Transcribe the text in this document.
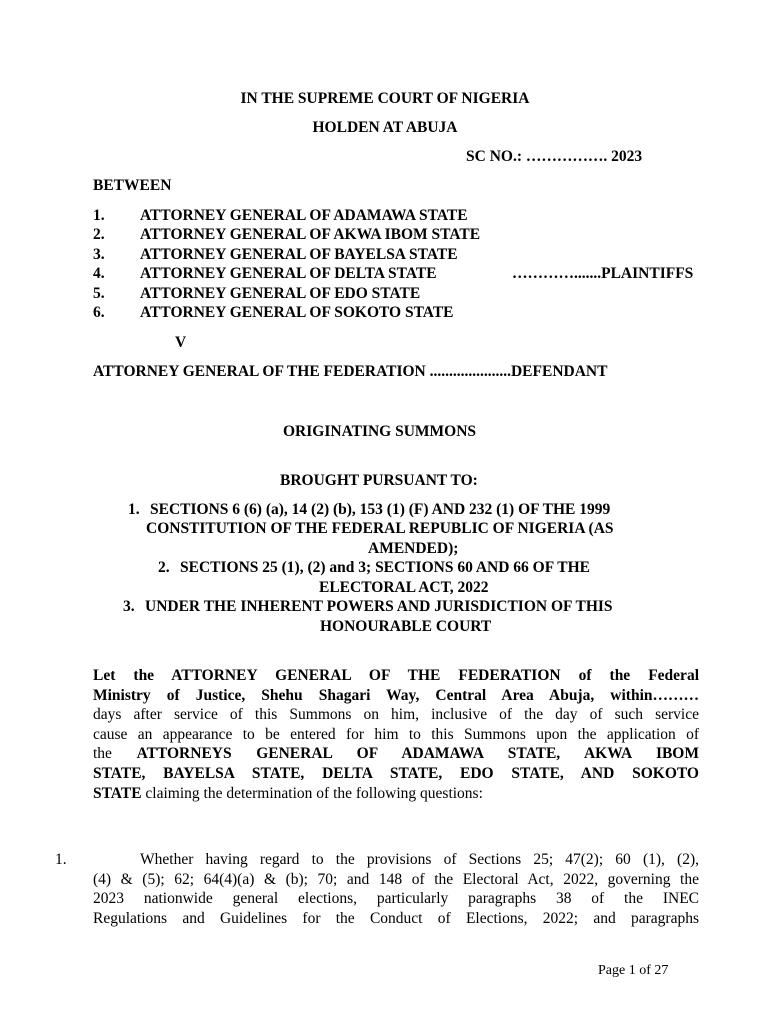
IN THE SUPREME COURT OF NIGERIA
HOLDEN AT ABUJA
SC NO.: ……………. 2023
BETWEEN
1. ATTORNEY GENERAL OF ADAMAWA STATE
2. ATTORNEY GENERAL OF AKWA IBOM STATE
3. ATTORNEY GENERAL OF BAYELSA STATE
4. ATTORNEY GENERAL OF DELTA STATE
5. ATTORNEY GENERAL OF EDO STATE
6. ATTORNEY GENERAL OF SOKOTO STATE
………….......PLAINTIFFS
V
ATTORNEY GENERAL OF THE FEDERATION .....................DEFENDANT
ORIGINATING SUMMONS
BROUGHT PURSUANT TO:
1. SECTIONS 6 (6) (a), 14 (2) (b), 153 (1) (F) AND 232 (1) OF THE 1999
CONSTITUTION OF THE FEDERAL REPUBLIC OF NIGERIA (AS
AMENDED);
2. SECTIONS 25 (1), (2) and 3; SECTIONS 60 AND 66 OF THE
ELECTORAL ACT, 2022
3. UNDER THE INHERENT POWERS AND JURISDICTION OF THIS
HONOURABLE COURT
Let the ATTORNEY GENERAL OF THE FEDERATION of the Federal
Ministry of Justice, Shehu Shagari Way, Central Area Abuja, within………
days after service of this Summons on him, inclusive of the day of such service
cause an appearance to be entered for him to this Summons upon the application of
the ATTORNEYS GENERAL OF ADAMAWA STATE, AKWA IBOM
STATE, BAYELSA STATE, DELTA STATE, EDO STATE, AND SOKOTO
STATE claiming the determination of the following questions:
1.	Whether having regard to the provisions of Sections 25; 47(2); 60 (1), (2),
(4) & (5); 62; 64(4)(a) & (b); 70; and 148 of the Electoral Act, 2022, governing the
2023 nationwide general elections, particularly paragraphs 38 of the INEC
Regulations and Guidelines for the Conduct of Elections, 2022; and paragraphs
Page 1 of 27
